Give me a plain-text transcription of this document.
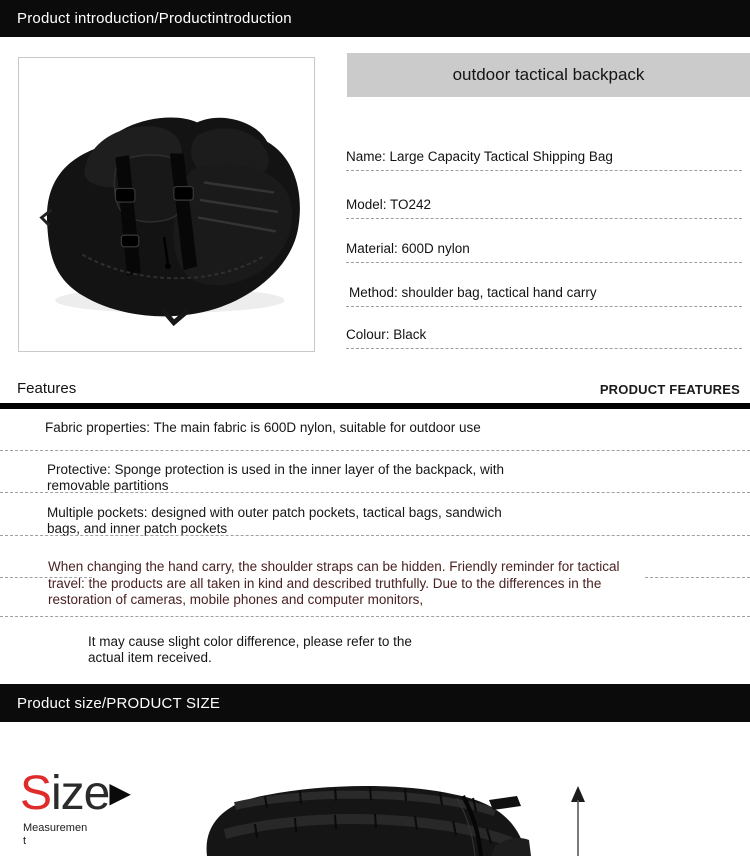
Product introduction/Productintroduction
outdoor tactical backpack
Name: Large Capacity Tactical Shipping Bag
Model: TO242
Material: 600D nylon
Method: shoulder bag, tactical hand carry
Colour: Black
Features	PRODUCT FEATURES
Fabric properties: The main fabric is 600D nylon, suitable for outdoor use
Protective: Sponge protection is used in the inner layer of the backpack, with removable partitions
Multiple pockets: designed with outer patch pockets, tactical bags, sandwich bags, and inner patch pockets
When changing the hand carry, the shoulder straps can be hidden. Friendly reminder for tactical travel: the products are all taken in kind and described truthfully. Due to the differences in the restoration of cameras, mobile phones and computer monitors,
It may cause slight color difference, please refer to the actual item received.
Product size/PRODUCT SIZE
Size▶
Measurement
